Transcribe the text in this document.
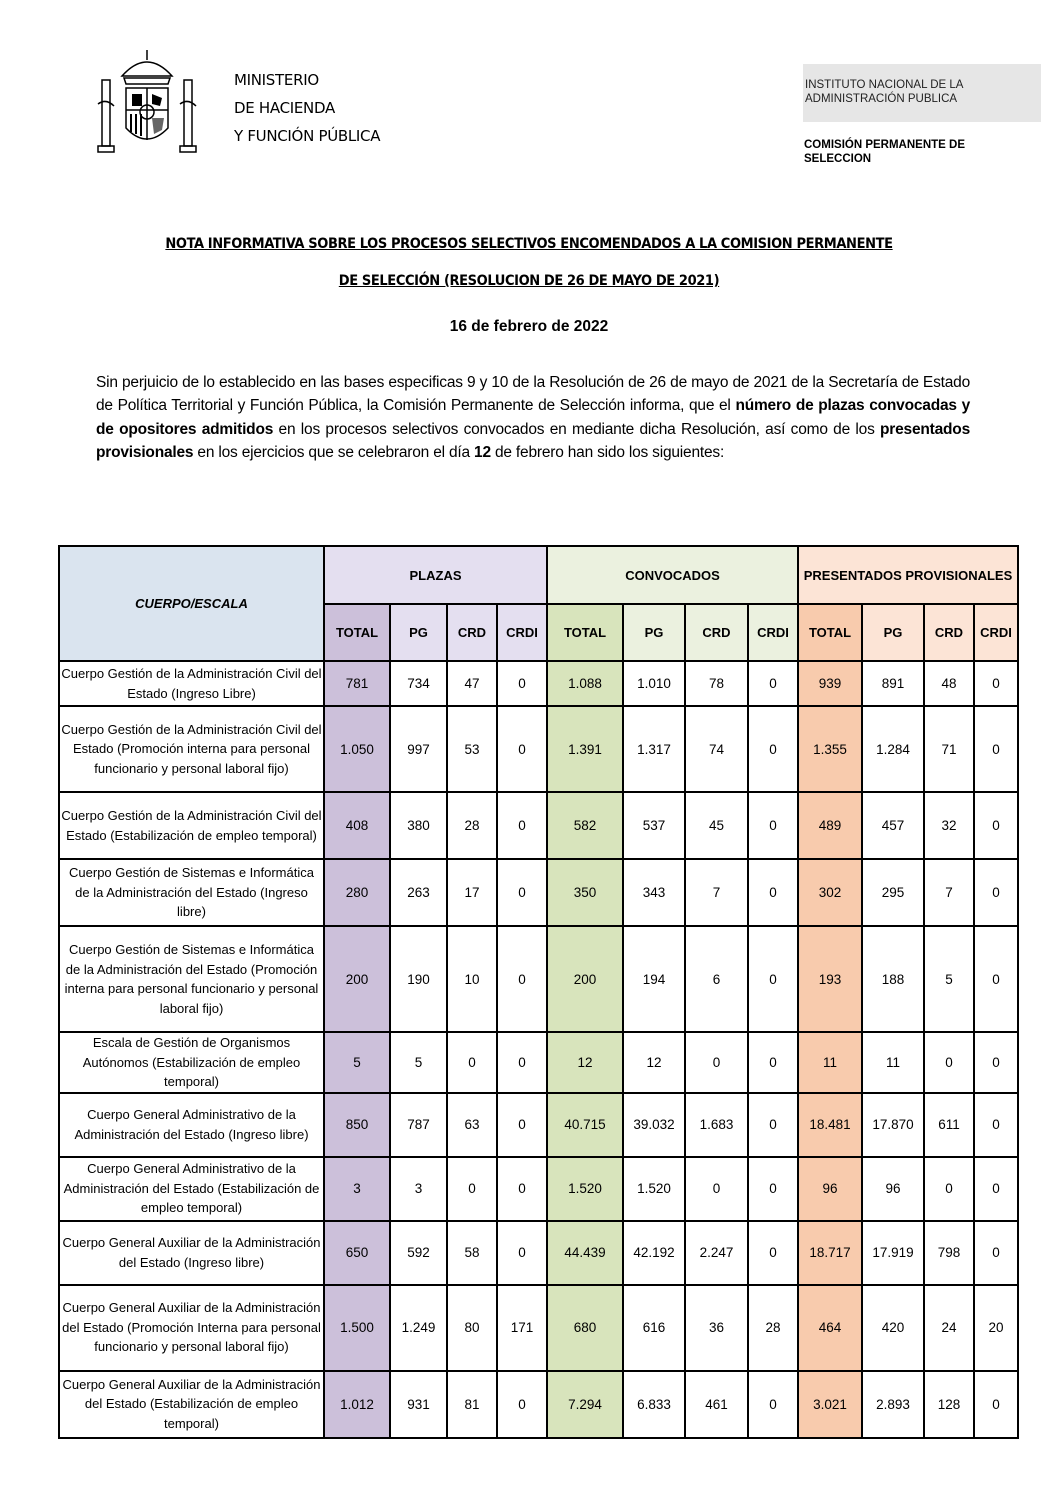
MINISTERIO
DE HACIENDA
Y FUNCIÓN PÚBLICA
INSTITUTO NACIONAL DE LA
ADMINISTRACIÓN PUBLICA
COMISIÓN PERMANENTE DE
SELECCION
NOTA INFORMATIVA SOBRE LOS PROCESOS SELECTIVOS ENCOMENDADOS A LA COMISION PERMANENTE
DE SELECCIÓN (RESOLUCION DE 26 DE MAYO DE 2021)
16 de febrero de 2022

Sin perjuicio de lo establecido en las bases especificas 9 y 10 de la Resolución de 26 de mayo de 2021 de la Secretaría de Estado de Política Territorial y Función Pública, la Comisión Permanente de Selección informa, que el número de plazas convocadas y de opositores admitidos en los procesos selectivos convocados en mediante dicha Resolución, así como de los presentados provisionales en los ejercicios que se celebraron el día 12 de febrero han sido los siguientes:

CUERPO/ESCALA	PLAZAS				CONVOCADOS				PRESENTADOS PROVISIONALES			
	TOTAL	PG	CRD	CRDI	TOTAL	PG	CRD	CRDI	TOTAL	PG	CRD	CRDI
Cuerpo Gestión de la Administración Civil del Estado (Ingreso Libre)	781	734	47	0	1.088	1.010	78	0	939	891	48	0
Cuerpo Gestión de la Administración Civil del Estado (Promoción interna para personal funcionario y personal laboral fijo)	1.050	997	53	0	1.391	1.317	74	0	1.355	1.284	71	0
Cuerpo Gestión de la Administración Civil del Estado (Estabilización de empleo temporal)	408	380	28	0	582	537	45	0	489	457	32	0
Cuerpo Gestión de Sistemas e Informática de la Administración del Estado (Ingreso libre)	280	263	17	0	350	343	7	0	302	295	7	0
Cuerpo Gestión de Sistemas e Informática de la Administración del Estado (Promoción interna para personal funcionario y personal laboral fijo)	200	190	10	0	200	194	6	0	193	188	5	0
Escala de Gestión de Organismos Autónomos (Estabilización de empleo temporal)	5	5	0	0	12	12	0	0	11	11	0	0
Cuerpo General Administrativo de la Administración del Estado (Ingreso libre)	850	787	63	0	40.715	39.032	1.683	0	18.481	17.870	611	0
Cuerpo General Administrativo de la Administración del Estado (Estabilización de empleo temporal)	3	3	0	0	1.520	1.520	0	0	96	96	0	0
Cuerpo General Auxiliar de la Administración del Estado (Ingreso libre)	650	592	58	0	44.439	42.192	2.247	0	18.717	17.919	798	0
Cuerpo General Auxiliar de la Administración del Estado (Promoción Interna para personal funcionario y personal laboral fijo)	1.500	1.249	80	171	680	616	36	28	464	420	24	20
Cuerpo General Auxiliar de la Administración del Estado (Estabilización de empleo temporal)	1.012	931	81	0	7.294	6.833	461	0	3.021	2.893	128	0
